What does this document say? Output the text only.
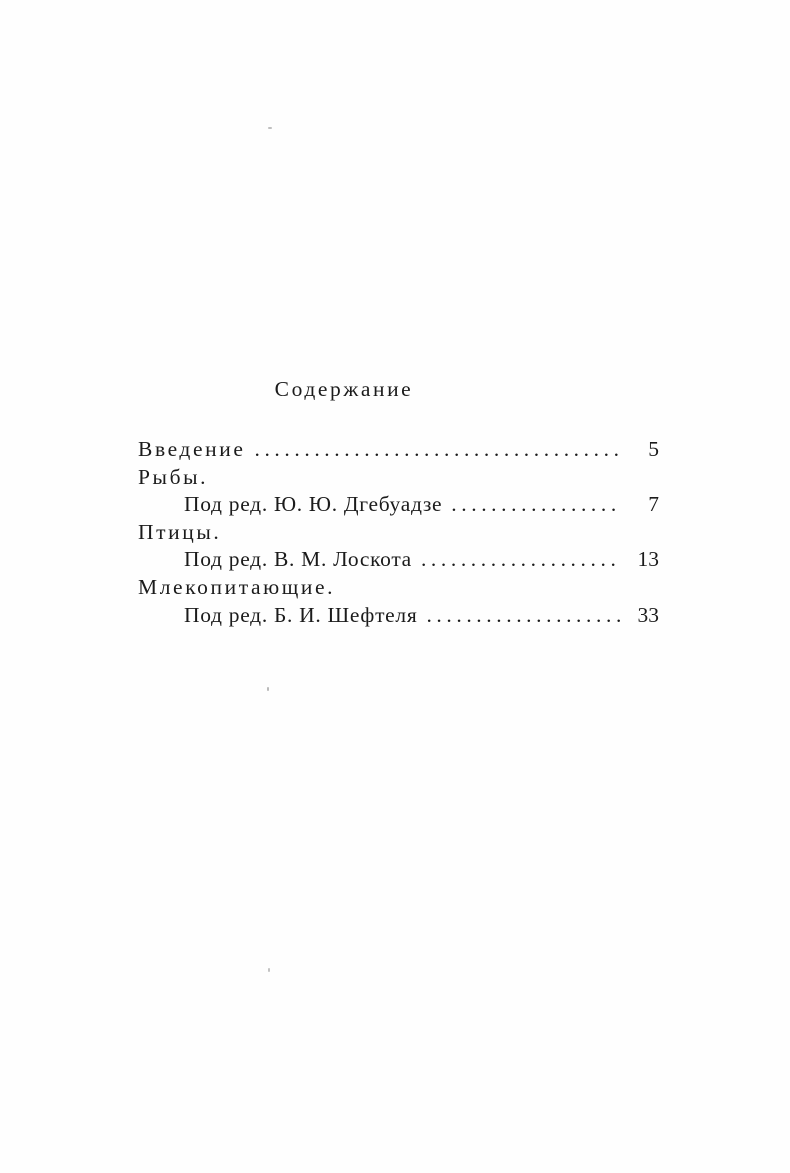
Содержание
Введение .....	5
Рыбы.
Под ред. Ю. Ю. Дгебуадзе .....	7
Птицы.
Под ред. В. М. Лоскота .....	13
Млекопитающие.
Под ред. Б. И. Шефтеля .....	33
